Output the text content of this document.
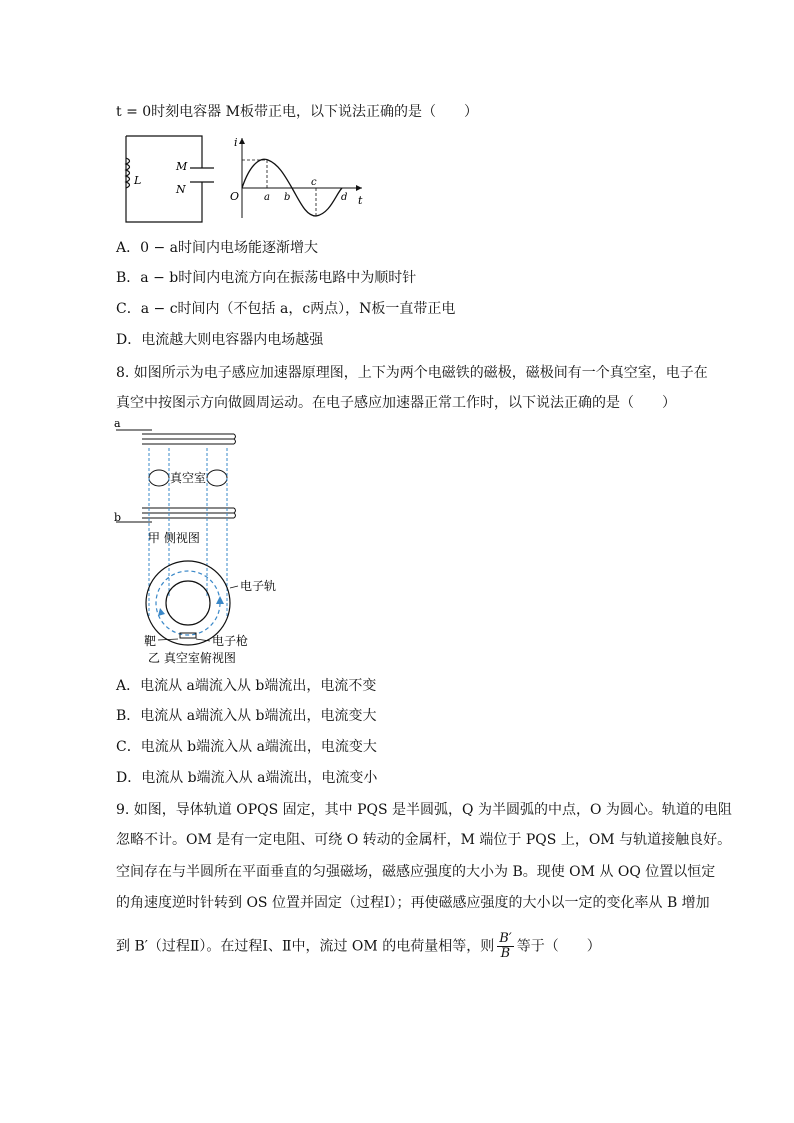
t = 0时刻电容器 M板带正电，以下说法正确的是（　　）
L
M
N
i
t
O a b
c
d
A．0 − a时间内电场能逐渐增大
B．a − b时间内电流方向在振荡电路中为顺时针
C．a − c时间内（不包括 a，c两点），N板一直带正电
D．电流越大则电容器内电场越强
8. 如图所示为电子感应加速器原理图，上下为两个电磁铁的磁极，磁极间有一个真空室，电子在
真空中按图示方向做圆周运动。在电子感应加速器正常工作时，以下说法正确的是（　　）
a
b
真空室
甲 侧视图
电子轨
靶	电子枪
乙 真空室俯视图
A．电流从 a端流入从 b端流出，电流不变
B．电流从 a端流入从 b端流出，电流变大
C．电流从 b端流入从 a端流出，电流变大
D．电流从 b端流入从 a端流出，电流变小
9. 如图，导体轨道 OPQS 固定，其中 PQS 是半圆弧，Q 为半圆弧的中点，O 为圆心。轨道的电阻
忽略不计。OM 是有一定电阻、可绕 O 转动的金属杆，M 端位于 PQS 上，OM 与轨道接触良好。
空间存在与半圆所在平面垂直的匀强磁场，磁感应强度的大小为 B。现使 OM 从 OQ 位置以恒定
的角速度逆时针转到 OS 位置并固定（过程Ⅰ）；再使磁感应强度的大小以一定的变化率从 B 增加
到 B′（过程Ⅱ）。在过程Ⅰ、Ⅱ中，流过 OM 的电荷量相等，则 $\frac{B'}{B}$ 等于（　　）
